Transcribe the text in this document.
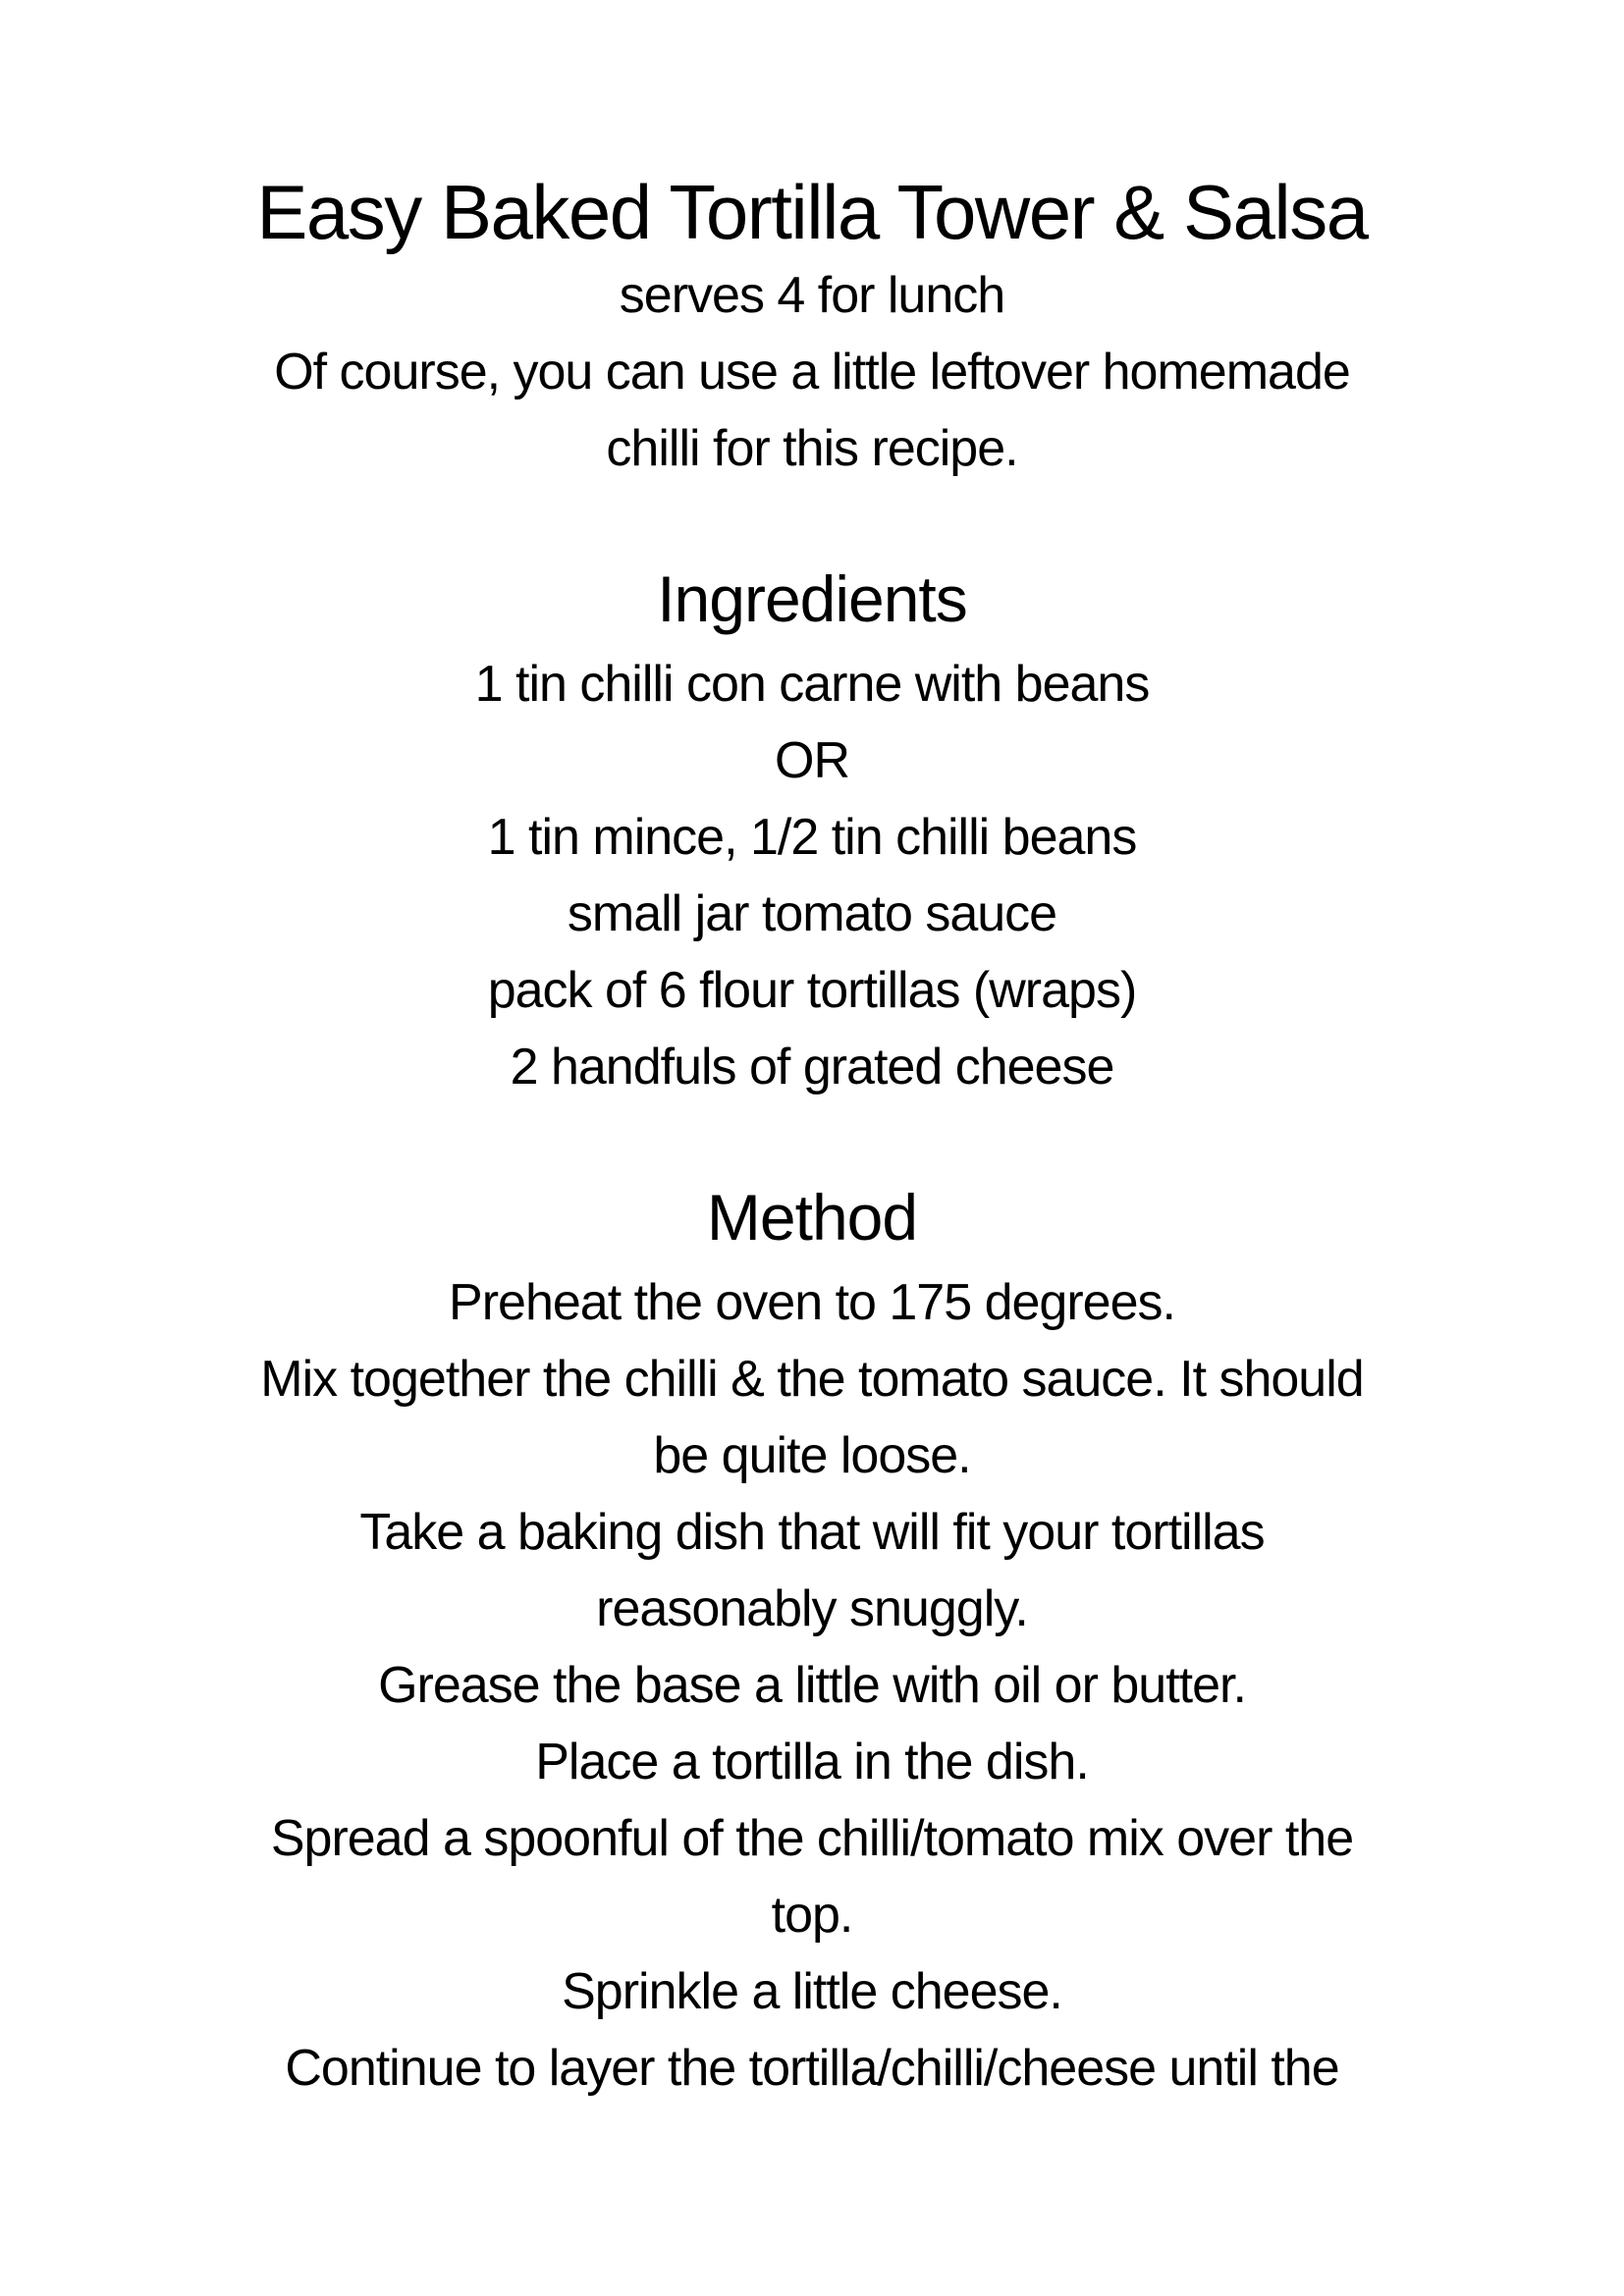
Easy Baked Tortilla Tower & Salsa
serves 4 for lunch
Of course, you can use a little leftover homemade
chilli for this recipe.
Ingredients
1 tin chilli con carne with beans
OR
1 tin mince, 1/2 tin chilli beans
small jar tomato sauce
pack of 6 flour tortillas (wraps)
2 handfuls of grated cheese
Method
Preheat the oven to 175 degrees.
Mix together the chilli & the tomato sauce. It should
be quite loose.
Take a baking dish that will fit your tortillas
reasonably snuggly.
Grease the base a little with oil or butter.
Place a tortilla in the dish.
Spread a spoonful of the chilli/tomato mix over the
top.
Sprinkle a little cheese.
Continue to layer the tortilla/chilli/cheese until the
